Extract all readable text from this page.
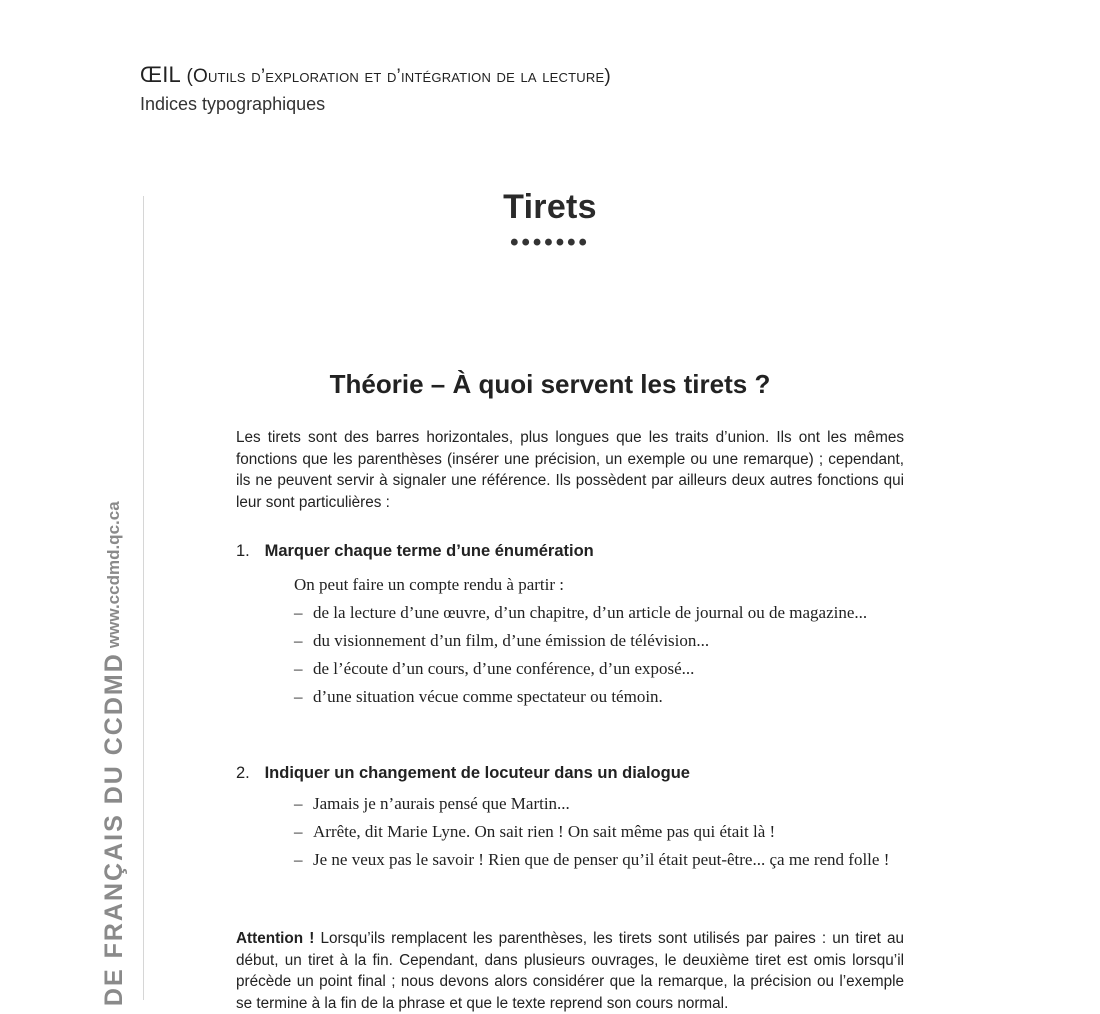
ŒIL (Outils d’exploration et d’intégration de la lecture)
Indices typographiques
DE FRANÇAIS DU CCDMD www.ccdmd.qc.ca
Tirets
•••••••
Théorie – À quoi servent les tirets ?

Les tirets sont des barres horizontales, plus longues que les traits d’union. Ils ont les mêmes fonctions que les parenthèses (insérer une précision, un exemple ou une remarque) ; cependant, ils ne peuvent servir à signaler une référence. Ils possèdent par ailleurs deux autres fonctions qui leur sont particulières :

1. Marquer chaque terme d’une énumération
On peut faire un compte rendu à partir :
– de la lecture d’une œuvre, d’un chapitre, d’un article de journal ou de magazine...
– du visionnement d’un film, d’une émission de télévision...
– de l’écoute d’un cours, d’une conférence, d’un exposé...
– d’une situation vécue comme spectateur ou témoin.
2. Indiquer un changement de locuteur dans un dialogue
– Jamais je n’aurais pensé que Martin...
– Arrête, dit Marie Lyne. On sait rien ! On sait même pas qui était là !
– Je ne veux pas le savoir ! Rien que de penser qu’il était peut-être... ça me rend folle !

Attention ! Lorsqu’ils remplacent les parenthèses, les tirets sont utilisés par paires : un tiret au début, un tiret à la fin. Cependant, dans plusieurs ouvrages, le deuxième tiret est omis lorsqu’il précède un point final ; nous devons alors considérer que la remarque, la précision ou l’exemple se termine à la fin de la phrase et que le texte reprend son cours normal.
